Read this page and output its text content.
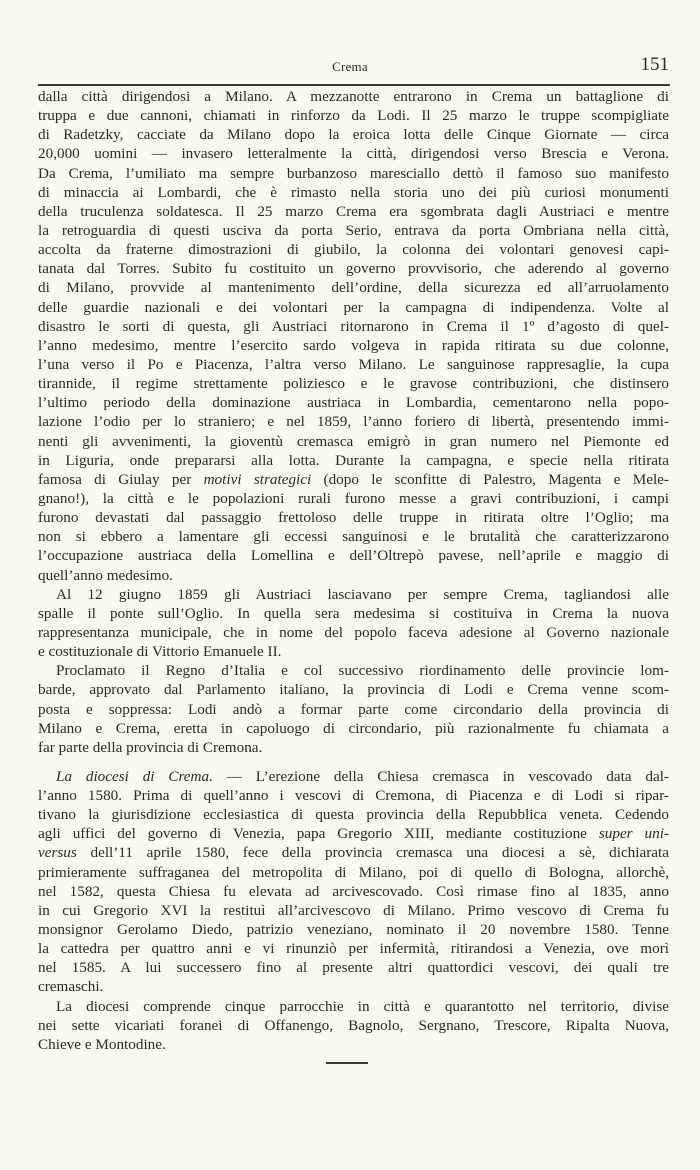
Crema	151
dalla città dirigendosi a Milano. A mezzanotte entrarono in Crema un battaglione di
truppa e due cannoni, chiamati in rinforzo da Lodi. Il 25 marzo le truppe scompigliate
di Radetzky, cacciate da Milano dopo la eroica lotta delle Cinque Giornate — circa
20,000 uomini — invasero letteralmente la città, dirigendosi verso Brescia e Verona.
Da Crema, l’umiliato ma sempre burbanzoso maresciallo dettò il famoso suo manifesto
di minaccia ai Lombardi, che è rimasto nella storia uno dei più curiosi monumenti
della truculenza soldatesca. Il 25 marzo Crema era sgombrata dagli Austriaci e mentre
la retroguardia di questi usciva da porta Serio, entrava da porta Ombriana nella città,
accolta da fraterne dimostrazioni di giubilo, la colonna dei volontari genovesi capi-
tanata dal Torres. Subito fu costituito un governo provvisorio, che aderendo al governo
di Milano, provvide al mantenimento dell’ordine, della sicurezza ed all’arruolamento
delle guardie nazionali e dei volontari per la campagna di indipendenza. Volte al
disastro le sorti di questa, gli Austriaci ritornarono in Crema il 1º d’agosto di quel-
l’anno medesimo, mentre l’esercito sardo volgeva in rapida ritirata su due colonne,
l’una verso il Po e Piacenza, l’altra verso Milano. Le sanguinose rappresaglie, la cupa
tirannide, il regime strettamente poliziesco e le gravose contribuzioni, che distinsero
l’ultimo periodo della dominazione austriaca in Lombardia, cementarono nella popo-
lazione l’odio per lo straniero; e nel 1859, l’anno foriero di libertà, presentendo immi-
nenti gli avvenimenti, la gioventù cremasca emigrò in gran numero nel Piemonte ed
in Liguria, onde prepararsi alla lotta. Durante la campagna, e specie nella ritirata
famosa di Giulay per motivi strategici (dopo le sconfitte di Palestro, Magenta e Mele-
gnano!), la città e le popolazioni rurali furono messe a gravi contribuzioni, i campi
furono devastati dal passaggio frettoloso delle truppe in ritirata oltre l’Oglio; ma
non si ebbero a lamentare gli eccessi sanguinosi e le brutalità che caratterizzarono
l’occupazione austriaca della Lomellina e dell’Oltrepò pavese, nell’aprile e maggio di
quell’anno medesimo.
Al 12 giugno 1859 gli Austriaci lasciavano per sempre Crema, tagliandosi alle
spalle il ponte sull’Oglio. In quella sera medesima si costituiva in Crema la nuova
rappresentanza municipale, che in nome del popolo faceva adesione al Governo nazionale
e costituzionale di Vittorio Emanuele II.
Proclamato il Regno d’Italia e col successivo riordinamento delle provincie lom-
barde, approvato dal Parlamento italiano, la provincia di Lodi e Crema venne scom-
posta e soppressa: Lodi andò a formar parte come circondario della provincia di
Milano e Crema, eretta in capoluogo di circondario, più razionalmente fu chiamata a
far parte della provincia di Cremona.
La diocesi di Crema. — L’erezione della Chiesa cremasca in vescovado data dal-
l’anno 1580. Prima di quell’anno i vescovi di Cremona, di Piacenza e di Lodi si ripar-
tivano la giurisdizione ecclesiastica di questa provincia della Repubblica veneta. Cedendo
agli uffici del governo di Venezia, papa Gregorio XIII, mediante costituzione super uni-
versus dell’11 aprile 1580, fece della provincia cremasca una diocesi a sè, dichiarata
primieramente suffraganea del metropolita di Milano, poi di quello di Bologna, allorchè,
nel 1582, questa Chiesa fu elevata ad arcivescovado. Così rimase fino al 1835, anno
in cui Gregorio XVI la restituì all’arcivescovo di Milano. Primo vescovo di Crema fu
monsignor Gerolamo Diedo, patrizio veneziano, nominato il 20 novembre 1580. Tenne
la cattedra per quattro anni e vi rinunziò per infermità, ritirandosi a Venezia, ove morì
nel 1585. A lui successero fino al presente altri quattordici vescovi, dei quali tre
cremaschi.
La diocesi comprende cinque parrocchie in città e quarantotto nel territorio, divise
nei sette vicariati foranei di Offanengo, Bagnolo, Sergnano, Trescore, Ripalta Nuova,
Chieve e Montodine.
